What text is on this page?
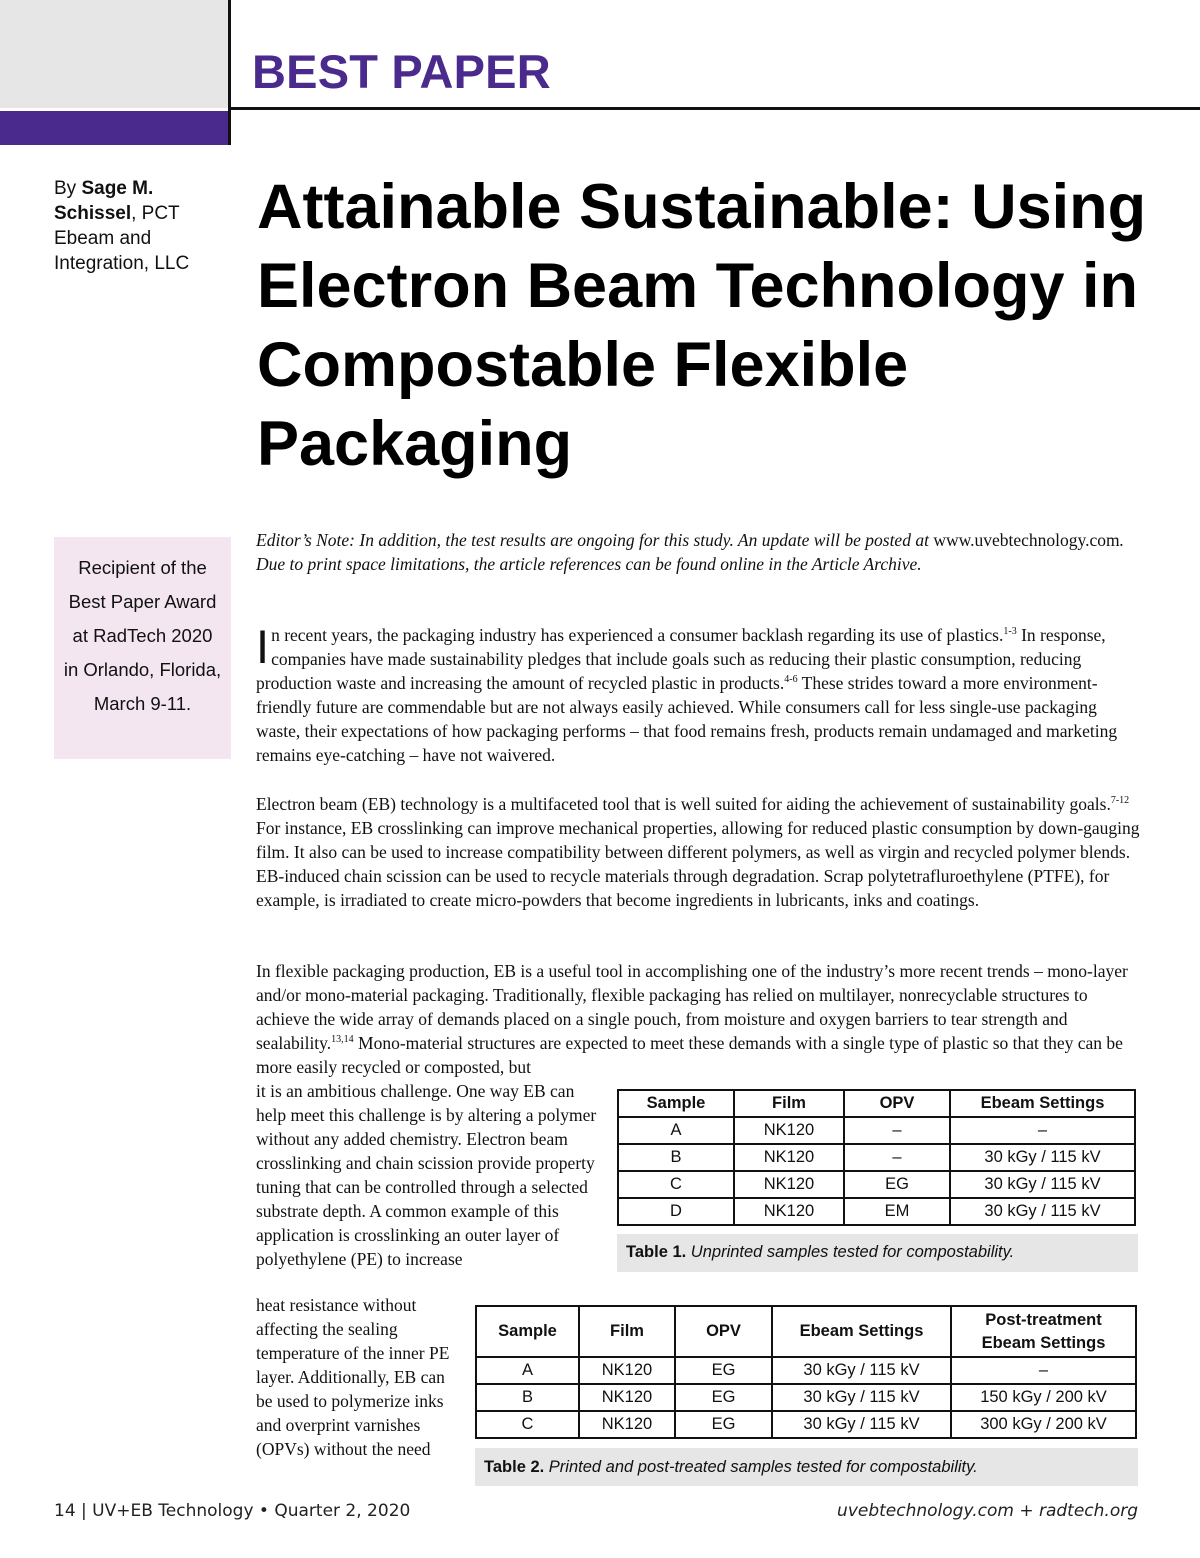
BEST PAPER
By Sage M. Schissel, PCT Ebeam and Integration, LLC
Attainable Sustainable: Using Electron Beam Technology in Compostable Flexible Packaging
Recipient of the
Best Paper Award
at RadTech 2020
in Orlando, Florida,
March 9-11.

Editor’s Note: In addition, the test results are ongoing for this study. An update will be posted at www.uvebtechnology.com. Due to print space limitations, the article references can be found online in the Article Archive.

In recent years, the packaging industry has experienced a consumer backlash regarding its use of plastics.$^{1-3}$ In response, companies have made sustainability pledges that include goals such as reducing their plastic consumption, reducing production waste and increasing the amount of recycled plastic in products.$^{4-6}$ These strides toward a more environment-friendly future are commendable but are not always easily achieved. While consumers call for less single-use packaging waste, their expectations of how packaging performs – that food remains fresh, products remain undamaged and marketing remains eye-catching – have not waivered.

Electron beam (EB) technology is a multifaceted tool that is well suited for aiding the achievement of sustainability goals.$^{7-12}$ For instance, EB crosslinking can improve mechanical properties, allowing for reduced plastic consumption by down-gauging film. It also can be used to increase compatibility between different polymers, as well as virgin and recycled polymer blends. EB-induced chain scission can be used to recycle materials through degradation. Scrap polytetrafluroethylene (PTFE), for example, is irradiated to create micro-powders that become ingredients in lubricants, inks and coatings.

In flexible packaging production, EB is a useful tool in accomplishing one of the industry’s more recent trends – mono-layer and/or mono-material packaging. Traditionally, flexible packaging has relied on multilayer, nonrecyclable structures to achieve the wide array of demands placed on a single pouch, from moisture and oxygen barriers to tear strength and sealability.$^{13,14}$ Mono-material structures are expected to meet these demands with a single type of plastic so that they can be more easily recycled or composted, but

it is an ambitious challenge. One way EB can help meet this challenge is by altering a polymer without any added chemistry. Electron beam crosslinking and chain scission provide property tuning that can be controlled through a selected substrate depth. A common example of this application is crosslinking an outer layer of polyethylene (PE) to increase

heat resistance without affecting the sealing temperature of the inner PE layer. Additionally, EB can be used to polymerize inks and overprint varnishes (OPVs) without the need

Sample	Film	OPV	Ebeam Settings
A	NK120	–	–
B	NK120	–	30 kGy / 115 kV
C	NK120	EG	30 kGy / 115 kV
D	NK120	EM	30 kGy / 115 kV
Table 1. Unprinted samples tested for compostability.
Sample	Film	OPV	Ebeam Settings	Post-treatment Ebeam Settings
A	NK120	EG	30 kGy / 115 kV	–
B	NK120	EG	30 kGy / 115 kV	150 kGy / 200 kV
C	NK120	EG	30 kGy / 115 kV	300 kGy / 200 kV
Table 2. Printed and post-treated samples tested for compostability.
14 | UV+EB Technology • Quarter 2, 2020	uvebtechnology.com + radtech.org
